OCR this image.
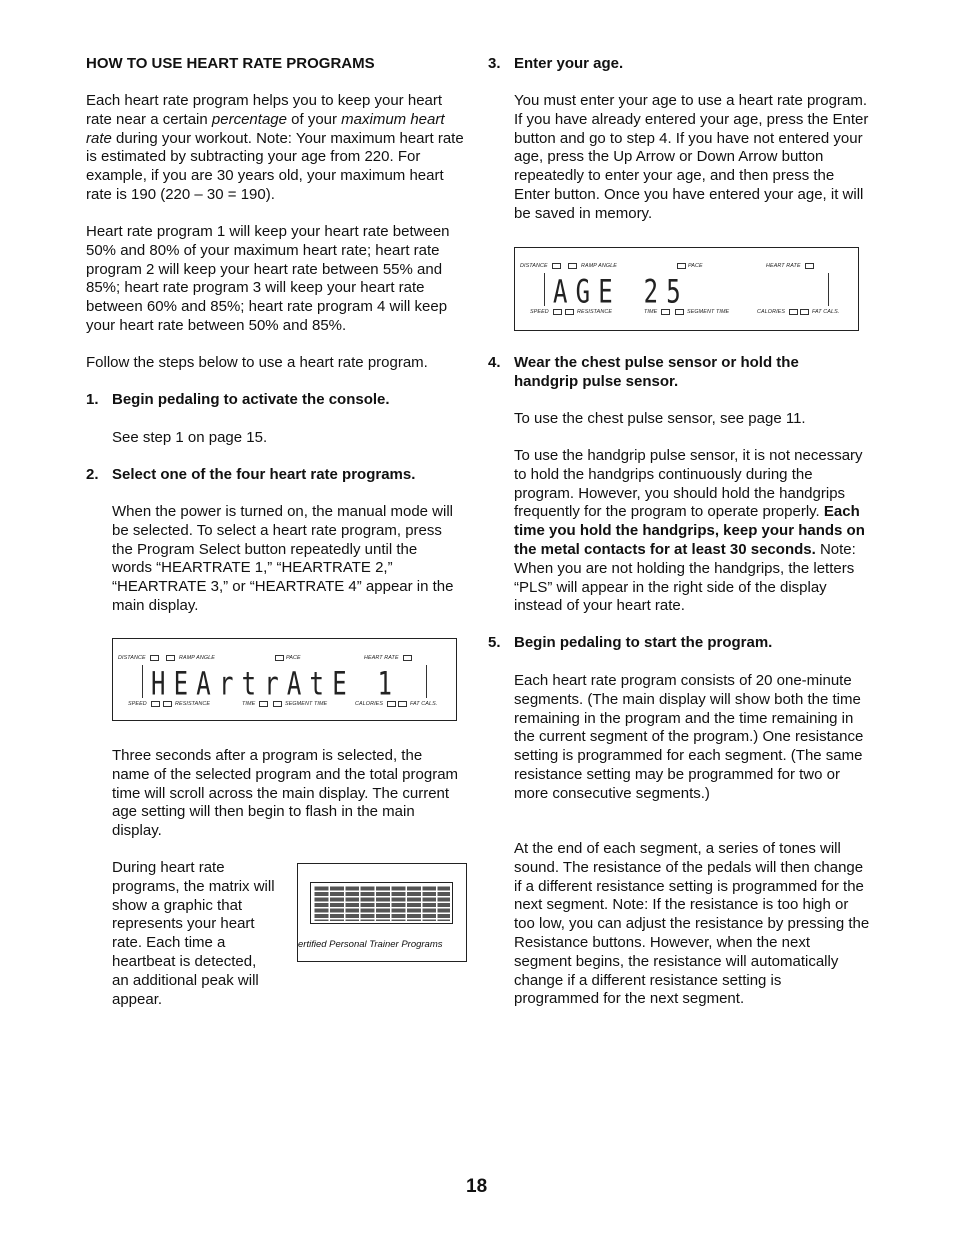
HOW TO USE HEART RATE PROGRAMS

Each heart rate program helps you to keep your heart rate near a certain percentage of your maximum heart rate during your workout. Note: Your maximum heart rate is estimated by subtracting your age from 220. For example, if you are 30 years old, your maximum heart rate is 190 (220 – 30 = 190).

Heart rate program 1 will keep your heart rate between 50% and 80% of your maximum heart rate; heart rate program 2 will keep your heart rate between 55% and 85%; heart rate program 3 will keep your heart rate between 60% and 85%; heart rate program 4 will keep your heart rate between 50% and 85%.

Follow the steps below to use a heart rate program.

1. Begin pedaling to activate the console.

See step 1 on page 15.

2. Select one of the four heart rate programs.

When the power is turned on, the manual mode will be selected. To select a heart rate program, press the Program Select button repeatedly until the words “HEARTRATE 1,” “HEARTRATE 2,” “HEARTRATE 3,” or “HEARTRATE 4” appear in the main display.

Three seconds after a program is selected, the name of the selected program and the total program time will scroll across the main display. The current age setting will then begin to flash in the main display.

During heart rate programs, the matrix will show a graphic that represents your heart rate. Each time a heartbeat is detected, an additional peak will appear.

DISTANCE	RAMP ANGLE	PACE	HEART RATE
HEArtrAtE 1
SPEED	RESISTANCE	TIME	SEGMENT TIME	CALORIES	FAT CALS.
ertified Personal Trainer Programs

3. Enter your age.

You must enter your age to use a heart rate program. If you have already entered your age, press the Enter button and go to step 4. If you have not entered your age, press the Up Arrow or Down Arrow button repeatedly to enter your age, and then press the Enter button. Once you have entered your age, it will be saved in memory.

4. Wear the chest pulse sensor or hold the handgrip pulse sensor.

To use the chest pulse sensor, see page 11.

To use the handgrip pulse sensor, it is not necessary to hold the handgrips continuously during the program. However, you should hold the handgrips frequently for the program to operate properly. Each time you hold the handgrips, keep your hands on the metal contacts for at least 30 seconds. Note: When you are not holding the handgrips, the letters “PLS” will appear in the right side of the display instead of your heart rate.

5. Begin pedaling to start the program.

Each heart rate program consists of 20 one-minute segments. (The main display will show both the time remaining in the program and the time remaining in the current segment of the program.) One resistance setting is programmed for each segment. (The same resistance setting may be programmed for two or more consecutive segments.)

At the end of each segment, a series of tones will sound. The resistance of the pedals will then change if a different resistance setting is programmed for the next segment. Note: If the resistance is too high or too low, you can adjust the resistance by pressing the Resistance buttons. However, when the next segment begins, the resistance will automatically change if a different resistance setting is programmed for the next segment.

DISTANCE	RAMP ANGLE	PACE	HEART RATE
AGE 25
SPEED	RESISTANCE	TIME	SEGMENT TIME	CALORIES	FAT CALS.
18
